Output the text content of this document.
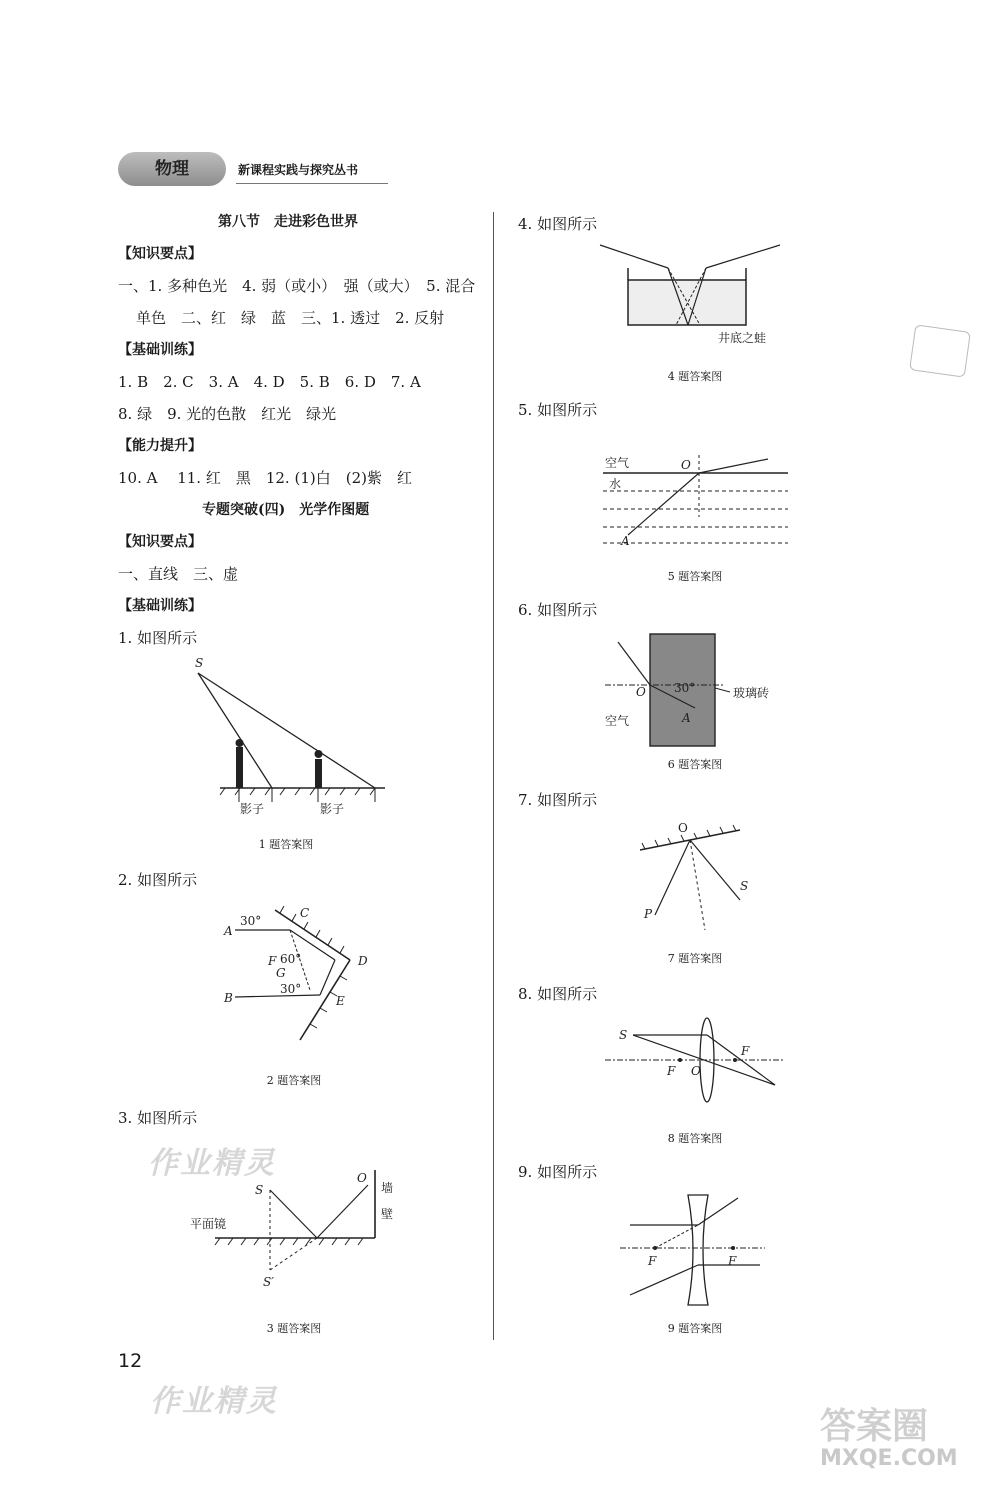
物理	新课程实践与探究丛书
第八节　走进彩色世界
【知识要点】
一、1. 多种色光　4. 弱（或小）　强（或大）　5. 混合
单色　二、红　绿　蓝　三、1. 透过　2. 反射
【基础训练】
1. B　2. C　3. A　4. D　5. B　6. D　7. A
8. 绿　9. 光的色散　红光　绿光
【能力提升】
10. A　 11. 红　黑　12. (1)白　(2)紫　红
专题突破(四)　光学作图题
【知识要点】
一、直线　三、虚
【基础训练】
1. 如图所示
2. 如图所示
3. 如图所示
4. 如图所示
5. 如图所示
6. 如图所示
7. 如图所示
8. 如图所示
9. 如图所示
1 题答案图
2 题答案图
3 题答案图
4 题答案图
5 题答案图
6 题答案图
7 题答案图
8 题答案图
9 题答案图
S
影子	影子
A
B
C
D
E
F
G
30°
60°
30°
S
O
S′
平面镜
墙
壁
井底之蛙
空气
水
O
A
O
A
30°	玻璃砖
空气
O
P
S
S
F O
F
F	F
12
作业精灵
作业精灵
答案圈
MXQE.COM
